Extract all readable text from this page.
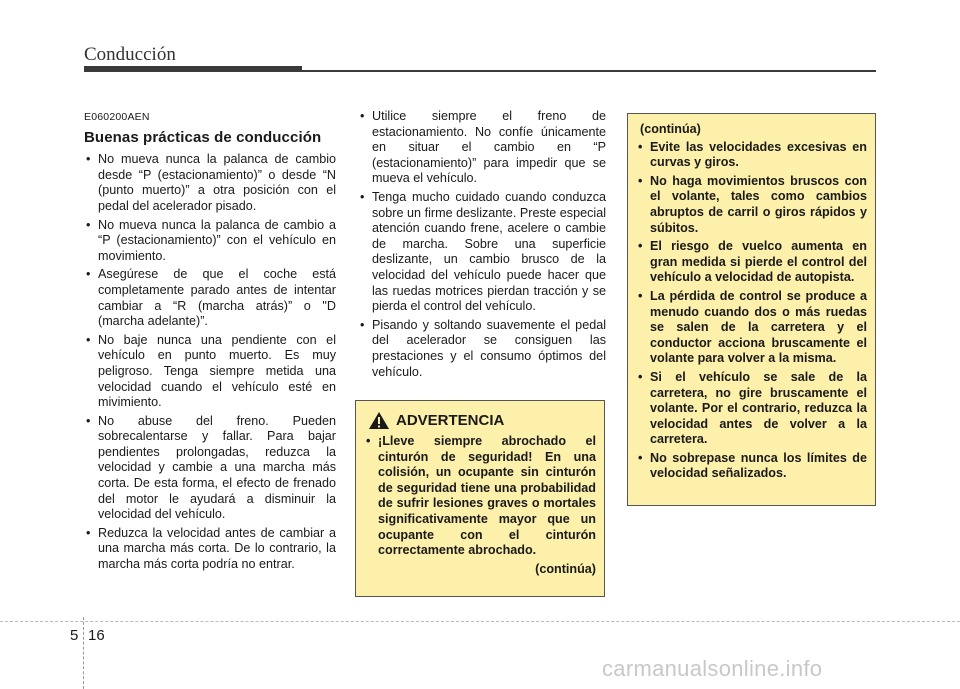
Conducción
E060200AEN
Buenas prácticas de conducción
• No mueva nunca la palanca de cambio desde “P (estacionamiento)” o desde “N (punto muerto)” a otra posición con el pedal del acelerador pisado.
• No mueva nunca la palanca de cambio a “P (estacionamiento)” con el vehículo en movimiento.
• Asegúrese de que el coche está completamente parado antes de intentar cambiar a “R (marcha atrás)” o "D (marcha adelante)”.
• No baje nunca una pendiente con el vehículo en punto muerto. Es muy peligroso. Tenga siempre metida una velocidad cuando el vehículo esté en mivimiento.
• No abuse del freno. Pueden sobrecalentarse y fallar. Para bajar pendientes prolongadas, reduzca la velocidad y cambie a una marcha más corta. De esta forma, el efecto de frenado del motor le ayudará a disminuir la velocidad del vehículo.
• Reduzca la velocidad antes de cambiar a una marcha más corta. De lo contrario, la marcha más corta podría no entrar.
• Utilice siempre el freno de estacionamiento. No confíe únicamente en situar el cambio en “P (estacionamiento)” para impedir que se mueva el vehículo.
• Tenga mucho cuidado cuando conduzca sobre un firme deslizante. Preste especial atención cuando frene, acelere o cambie de marcha. Sobre una superficie deslizante, un cambio brusco de la velocidad del vehículo puede hacer que las ruedas motrices pierdan tracción y se pierda el control del vehículo.
• Pisando y soltando suavemente el pedal del acelerador se consiguen las prestaciones y el consumo óptimos del vehículo.
ADVERTENCIA
• ¡Lleve siempre abrochado el cinturón de seguridad! En una colisión, un ocupante sin cinturón de seguridad tiene una probabilidad de sufrir lesiones graves o mortales significativamente mayor que un ocupante con el cinturón correctamente abrochado.
(continúa)
(continúa)
• Evite las velocidades excesivas en curvas y giros.
• No haga movimientos bruscos con el volante, tales como cambios abruptos de carril o giros rápidos y súbitos.
• El riesgo de vuelco aumenta en gran medida si pierde el control del vehículo a velocidad de autopista.
• La pérdida de control se produce a menudo cuando dos o más ruedas se salen de la carretera y el conductor acciona bruscamente el volante para volver a la misma.
• Si el vehículo se sale de la carretera, no gire bruscamente el volante. Por el contrario, reduzca la velocidad antes de volver a la carretera.
• No sobrepase nunca los límites de velocidad señalizados.
5 16
carmanualsonline.info
